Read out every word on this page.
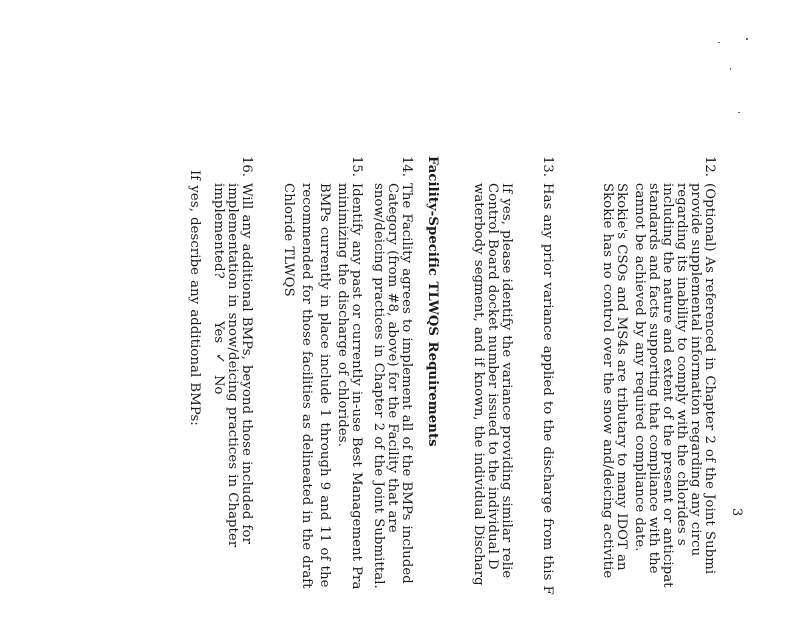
12.
(Optional) As referenced in Chapter 2 of the Joint Submi
provide supplemental information regarding any circu
regarding its inability to comply with the chlorides s
including the nature and extent of the present or anticipat
standards and facts supporting that compliance with the
cannot be achieved by any required compliance date.
Skokie's CSOs and MS4s are tributary to many IDOT an
Skokie has no control over the snow and/deicing activitie
13.
Has any prior variance applied to the discharge from this F
If yes, please identify the variance providing similar relie
Control Board docket number issued to the individual D
waterbody segment, and if known, the individual Discharg
Facility-Specific TLWQS Requirements
14.
The Facility agrees to implement all of the BMPs included
Category (from #8, above) for the Facility that are
snow/deicing practices in Chapter 2 of the Joint Submittal.
15.
Identify any past or currently in-use Best Management Pra
minimizing the discharge of chlorides.
BMPs currently in place include 1 through 9 and 11 of the
recommended for those facilities as delineated in the draft
Chloride TLWQS
16.
Will any additional BMPs, beyond those included for
implementation in snow/deicing practices in Chapter
implemented?
Yes
✓
No
If yes, describe any additional BMPs:
3
